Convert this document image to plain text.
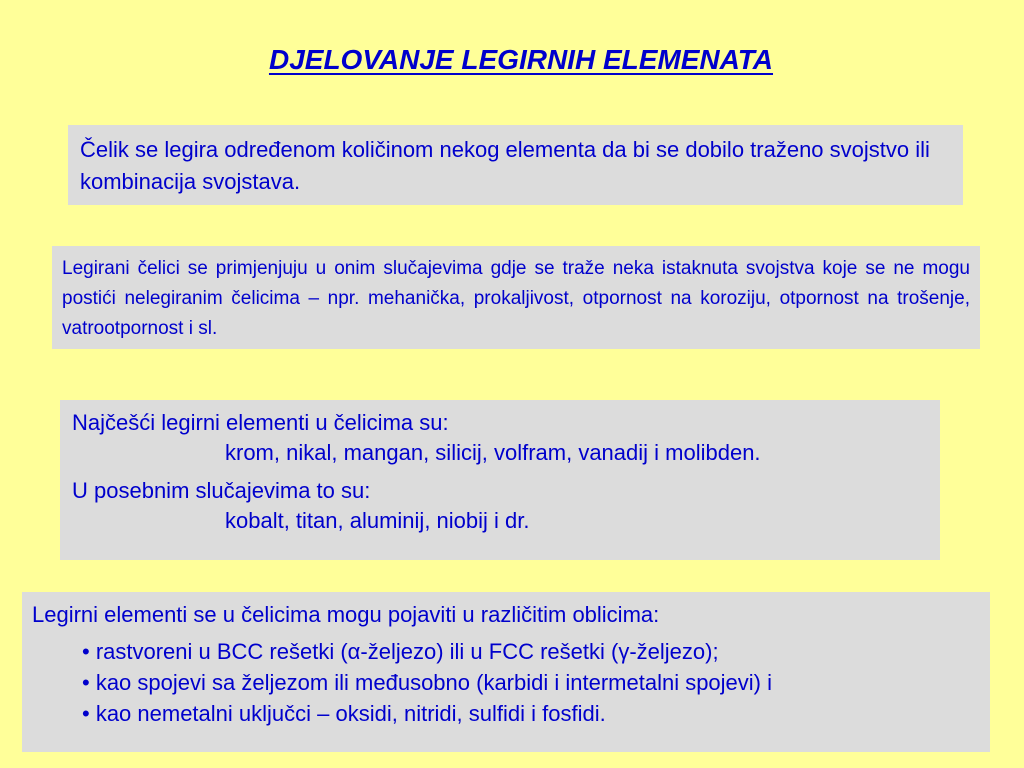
DJELOVANJE LEGIRNIH ELEMENATA
Čelik se legira određenom količinom nekog elementa da bi se dobilo traženo svojstvo ili kombinacija svojstava.
Legirani čelici se primjenjuju u onim slučajevima gdje se traže neka istaknuta svojstva koje se ne mogu postići nelegiranim čelicima – npr. mehanička, prokaljivost, otpornost na koroziju, otpornost na trošenje, vatrootpornost i sl.
Najčešći legirni elementi u čelicima su:
krom, nikal, mangan, silicij, volfram, vanadij i molibden.
U posebnim slučajevima to su:
kobalt, titan, aluminij, niobij i dr.
Legirni elementi se u čelicima mogu pojaviti u različitim oblicima:
• rastvoreni u BCC rešetki (α-željezo) ili u FCC rešetki (γ-željezo);
• kao spojevi sa željezom ili međusobno (karbidi i intermetalni spojevi) i
• kao nemetalni uključci – oksidi, nitridi, sulfidi i fosfidi.
